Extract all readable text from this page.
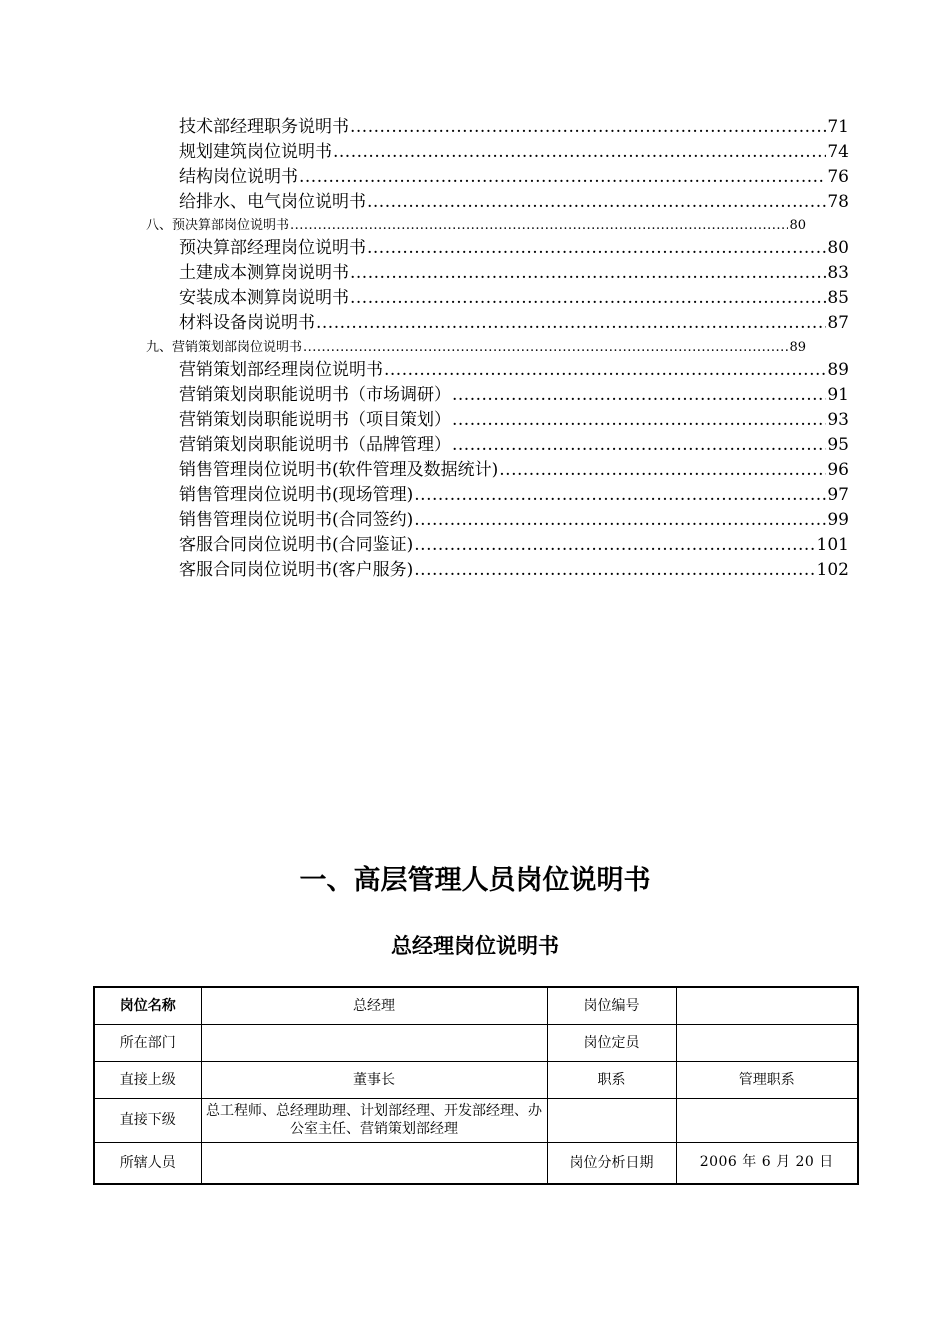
技术部经理职务说明书 .....	71
规划建筑岗位说明书 .....	74
结构岗位说明书 .....	76
给排水、电气岗位说明书 .....	78
八、预决算部岗位说明书 .....	80
预决算部经理岗位说明书 .....	80
土建成本测算岗说明书 .....	83
安装成本测算岗说明书 .....	85
材料设备岗说明书 .....	87
九、营销策划部岗位说明书 .....	89
营销策划部经理岗位说明书 .....	89
营销策划岗职能说明书（市场调研） .....	91
营销策划岗职能说明书（项目策划） .....	93
营销策划岗职能说明书（品牌管理） .....	95
销售管理岗位说明书(软件管理及数据统计) .....	96
销售管理岗位说明书(现场管理) .....	97
销售管理岗位说明书(合同签约) .....	99
客服合同岗位说明书(合同鉴证) .....	101
客服合同岗位说明书(客户服务) .....	102
一、高层管理人员岗位说明书
总经理岗位说明书
岗位名称	总经理	岗位编号	
所在部门		岗位定员	
直接上级	董事长	职系	管理职系
直接下级	总工程师、总经理助理、计划部经理、开发部经理、办公室主任、营销策划部经理		
所辖人员		岗位分析日期	2006 年 6 月 20 日
